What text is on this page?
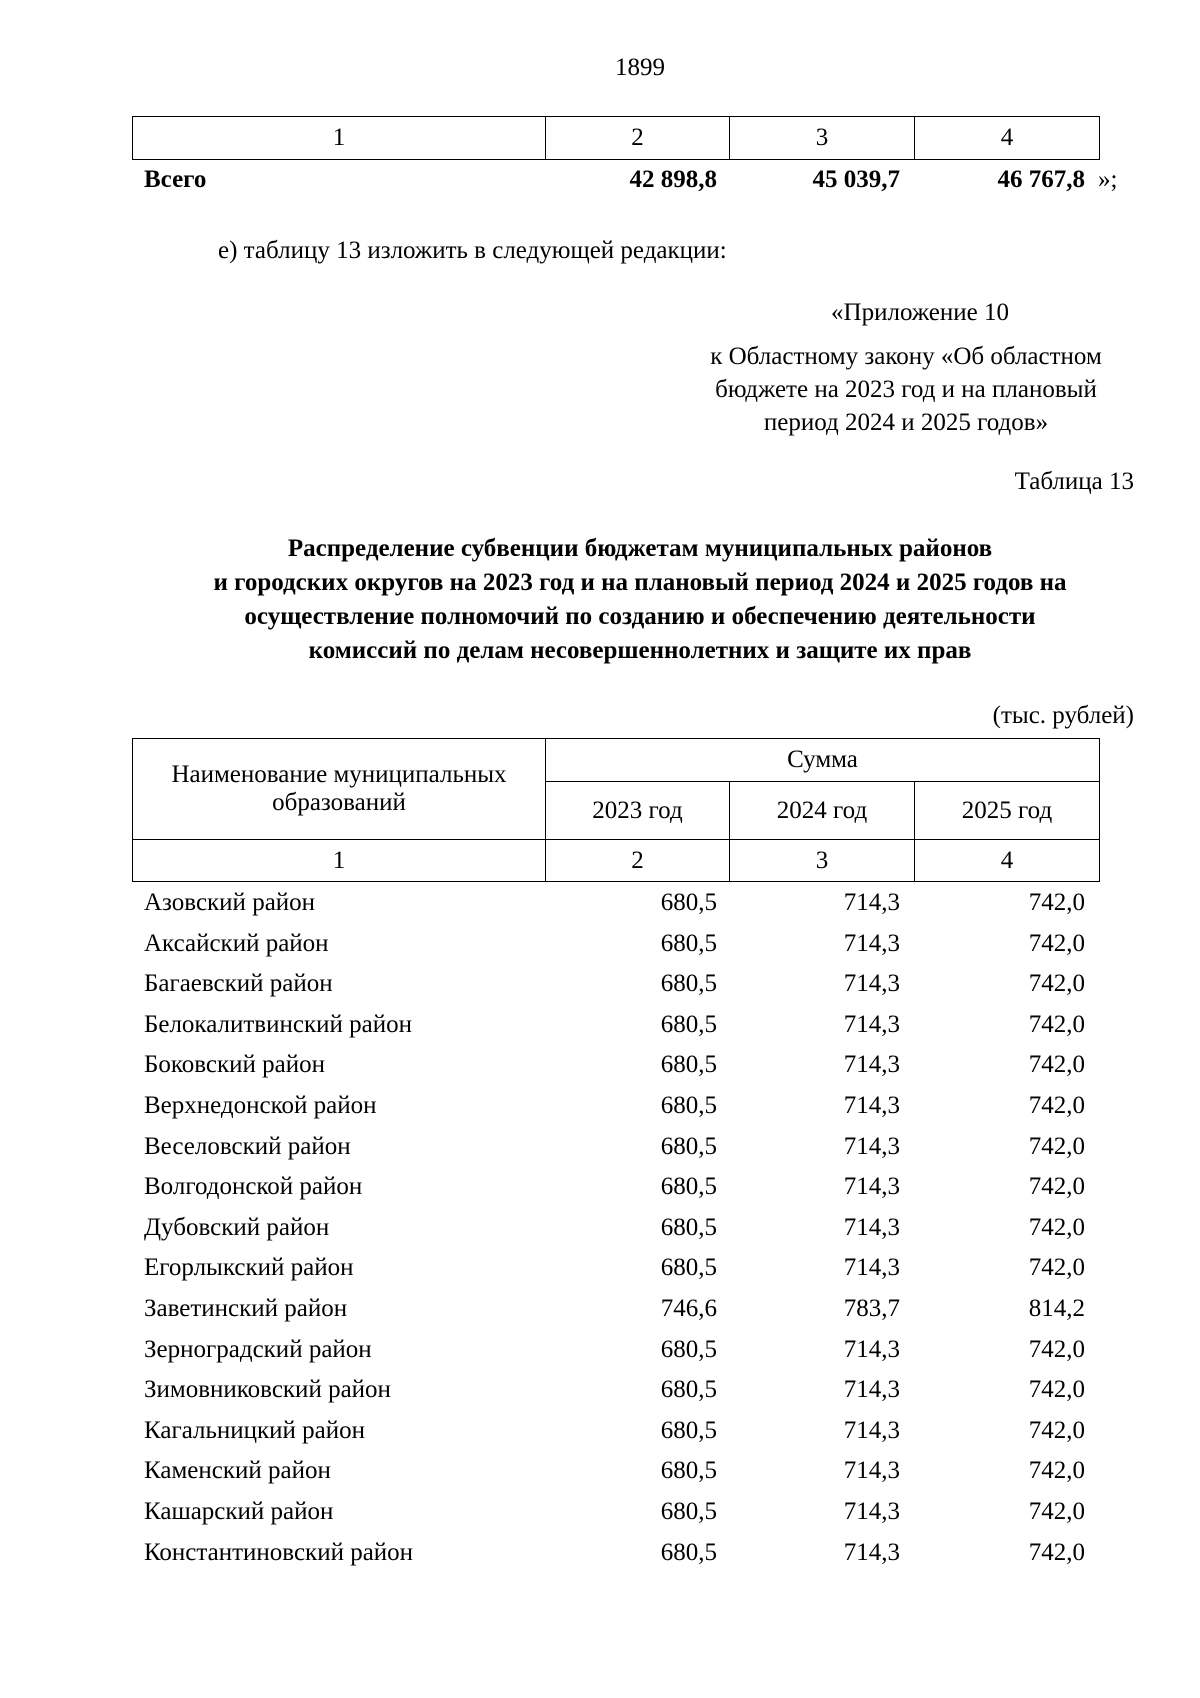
1899
1	2	3	4
Всего	42 898,8	45 039,7	46 767,8 »;
е) таблицу 13 изложить в следующей редакции:
«Приложение 10
к Областному закону «Об областном
бюджете на 2023 год и на плановый
период 2024 и 2025 годов»
Таблица 13
Распределение субвенции бюджетам муниципальных районов
и городских округов на 2023 год и на плановый период 2024 и 2025 годов на
осуществление полномочий по созданию и обеспечению деятельности
комиссий по делам несовершеннолетних и защите их прав
(тыс. рублей)
Наименование муниципальных
образований	Сумма		
	2023 год	2024 год	2025 год
1	2	3	4
Азовский район	680,5	714,3	742,0
Аксайский район	680,5	714,3	742,0
Багаевский район	680,5	714,3	742,0
Белокалитвинский район	680,5	714,3	742,0
Боковский район	680,5	714,3	742,0
Верхнедонской район	680,5	714,3	742,0
Веселовский район	680,5	714,3	742,0
Волгодонской район	680,5	714,3	742,0
Дубовский район	680,5	714,3	742,0
Егорлыкский район	680,5	714,3	742,0
Заветинский район	746,6	783,7	814,2
Зерноградский район	680,5	714,3	742,0
Зимовниковский район	680,5	714,3	742,0
Кагальницкий район	680,5	714,3	742,0
Каменский район	680,5	714,3	742,0
Кашарский район	680,5	714,3	742,0
Константиновский район	680,5	714,3	742,0
